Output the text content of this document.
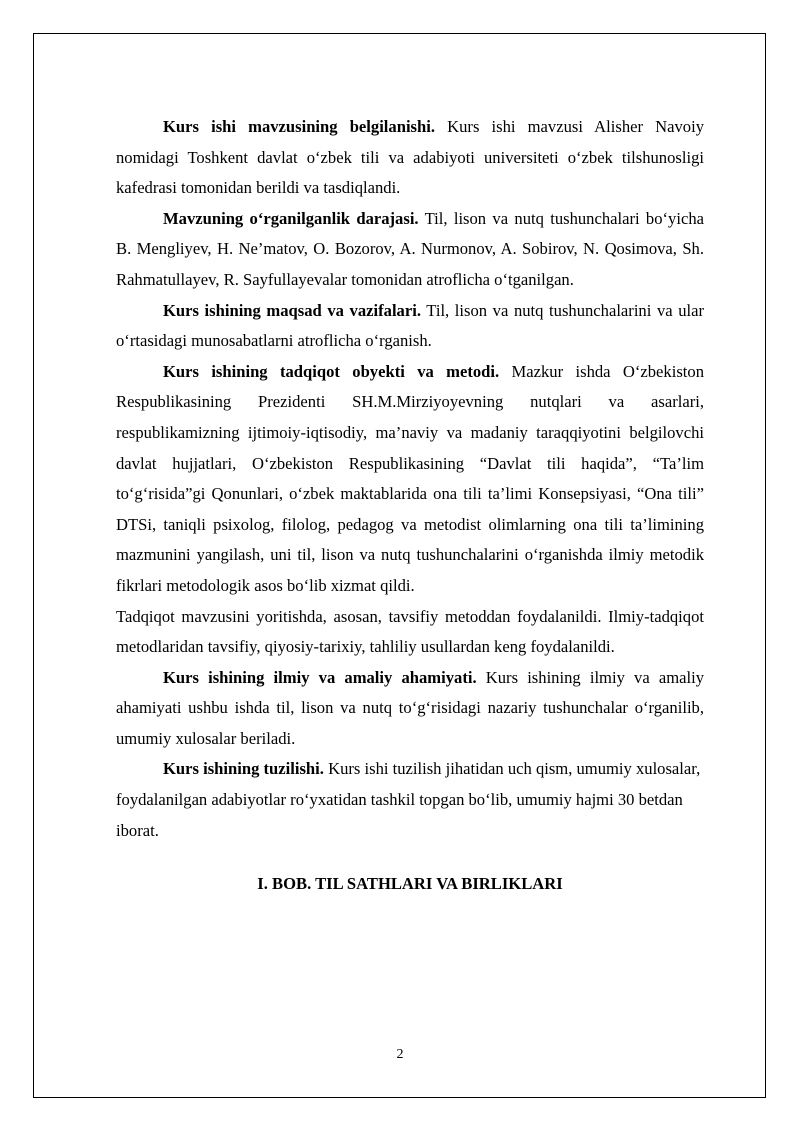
Kurs ishi mavzusining belgilanishi. Kurs ishi mavzusi Alisher Navoiy nomidagi Toshkent davlat o‘zbek tili va adabiyoti universiteti o‘zbek tilshunosligi kafedrasi tomonidan berildi va tasdiqlandi.

Mavzuning o‘rganilganlik darajasi. Til, lison va nutq tushunchalari bo‘yicha B. Mengliyev, H. Ne’matov, O. Bozorov, A. Nurmonov, A. Sobirov, N. Qosimova, Sh. Rahmatullayev, R. Sayfullayevalar tomonidan atroflicha o‘tganilgan.

Kurs ishining maqsad va vazifalari. Til, lison va nutq tushunchalarini va ular o‘rtasidagi munosabatlarni atroflicha o‘rganish.

Kurs ishining tadqiqot obyekti va metodi. Mazkur ishda O‘zbekiston Respublikasining Prezidenti SH.M.Mirziyoyevning nutqlari va asarlari, respublikamizning ijtimoiy-iqtisodiy, ma’naviy va madaniy taraqqiyotini belgilovchi davlat hujjatlari, O‘zbekiston Respublikasining “Davlat tili haqida”, “Ta’lim to‘g‘risida”gi Qonunlari, o‘zbek maktablarida ona tili ta’limi Konsepsiyasi, “Ona tili” DTSi, taniqli psixolog, filolog, pedagog va metodist olimlarning ona tili ta’limining mazmunini yangilash, uni til, lison va nutq tushunchalarini o‘rganishda ilmiy metodik fikrlari metodologik asos bo‘lib xizmat qildi.

Tadqiqot mavzusini yoritishda, asosan, tavsifiy metoddan foydalanildi. Ilmiy-tadqiqot metodlaridan tavsifiy, qiyosiy-tarixiy, tahliliy usullardan keng foydalanildi.

Kurs ishining ilmiy va amaliy ahamiyati. Kurs ishining ilmiy va amaliy ahamiyati ushbu ishda til, lison va nutq to‘g‘risidagi nazariy tushunchalar o‘rganilib, umumiy xulosalar beriladi.

Kurs ishining tuzilishi. Kurs ishi tuzilish jihatidan uch qism, umumiy xulosalar, foydalanilgan adabiyotlar ro‘yxatidan tashkil topgan bo‘lib, umumiy hajmi 30 betdan iborat.

I. BOB. TIL SATHLARI VA BIRLIKLARI
2
